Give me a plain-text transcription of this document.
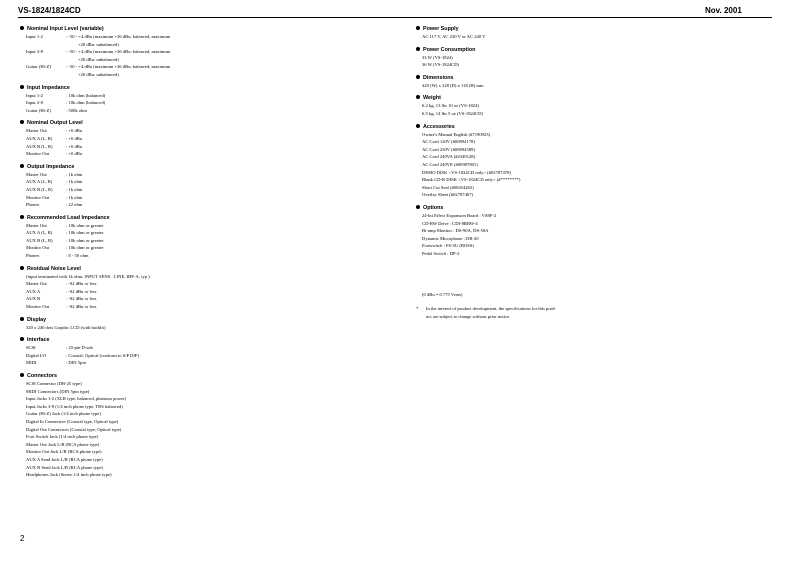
VS-1824/1824CD	Nov. 2001
Nominal Input Level (variable)
Input 1-2	: -50 - +4 dBu (maximum +26 dBu: balanced, maximum
+20 dBu: unbalanced)
Input 3-8	: -50 - +4 dBu (maximum +26 dBu: balanced, maximum
+20 dBu: unbalanced)
Guitar (Hi-Z)	: -50 - +4 dBu (maximum +26 dBu: balanced, maximum
+20 dBu: unbalanced)
Input Impedance
Input 1-2	: 10k ohm (balanced)
Input 2-8	: 10k ohm (balanced)
Guitar (Hi-Z)	: 500k ohm
Nominal Output Level
Master Out	: +0 dBu
AUX A (L, R)	: +0 dBu
AUX B (L, R)	: +0 dBu
Monitor Out	: +0 dBu
Output Impedance
Master Out	: 1k ohm
AUX A (L, R)	: 1k ohm
AUX B (L, R)	: 1k ohm
Monitor Out	: 1k ohm
Phones	: 22 ohm
Recommended Load Impedance
Master Out	: 10k ohm or greater
AUX A (L, R)	: 10k ohm or greater
AUX B (L, R)	: 10k ohm or greater
Monitor Out	: 10k ohm or greater
Phones	: 8 - 50 ohm
Residual Noise Level
(input terminated with 1k ohm, INPUT SENS : LINE, IHF-A, typ.)
Master Out	: -82 dBu or less
AUX A	: -82 dBu or less
AUX B	: -82 dBu or less
Monitor Out	: -82 dBu or less
Display
320 x 240 dots Graphic LCD (with backlit)
Interface
SCSI	: 25-pin D-sub
Digital I/O	: Coaxial, Optical (conform to S/P DIF)
MIDI	: DIN 5pin
Connectors
SCSI Connector (DB-25 type)
MIDI Connectors (DIN 5pin type)
Input Jacks 1-2 (XLR type, balanced, phantom power)
Input Jacks 3-8 (1/4 inch phone type, TRS balanced)
Guitar (Hi-Z) Jack (1/4 inch phone type)
Digital In Connectors (Coaxial type, Optical type)
Digital Out Connectors (Coaxial type, Optical type)
Foot Switch Jack (1/4 inch phone type)
Master Out Jack L/R (RCA phone type)
Monitor Out Jack L/R (RCA phone type)
AUX A Send Jack L/R (RCA phone type)
AUX B Send Jack L/R (RCA phone type)
Headphones Jack (Stereo 1/4 inch phone type)
Power Supply
AC 117 V, AC 230 V or AC 240 V
Power Consumption
33 W (VS-1824)
36 W (VS-1824CD)
Dimensions
420 (W) x 328 (D) x 118 (H) mm
Weight
6.2 kg, 13 lbs 10 oz (VS-1824)
6.5 kg, 14 lbs 5 oz (VS-1824CD)
Accessories
Owner's Manual English (#7190923)
AC Cord 120V (#00894178)
AC Cord 230V (#00894589)
AC Cord 240VA (#2349128)
AC Cord 240VE (#00907801)
DEMO DISK <VS-1824CD only> (#02787478)
Blank CD-R DISK <VS-1824CD only> (#********)
Short Cut Seal (#00454265)
Overlay Sheet (#02787467)
Options
24-bit Effect Expansion Board : VS8F-2
CD-RW Drive : CDI-8RRW-4
Bi-amp Monitor : DS-90A, DS-50A
Dynamic Microphone : DR-20
Footswitch : FS-5U (BOSS)
Pedal Switch : DP-2
(0 dBu = 0.775 Vrms)
* In the interest of product development, the specifications for this prod-
uct are subject to change without prior notice.
2
